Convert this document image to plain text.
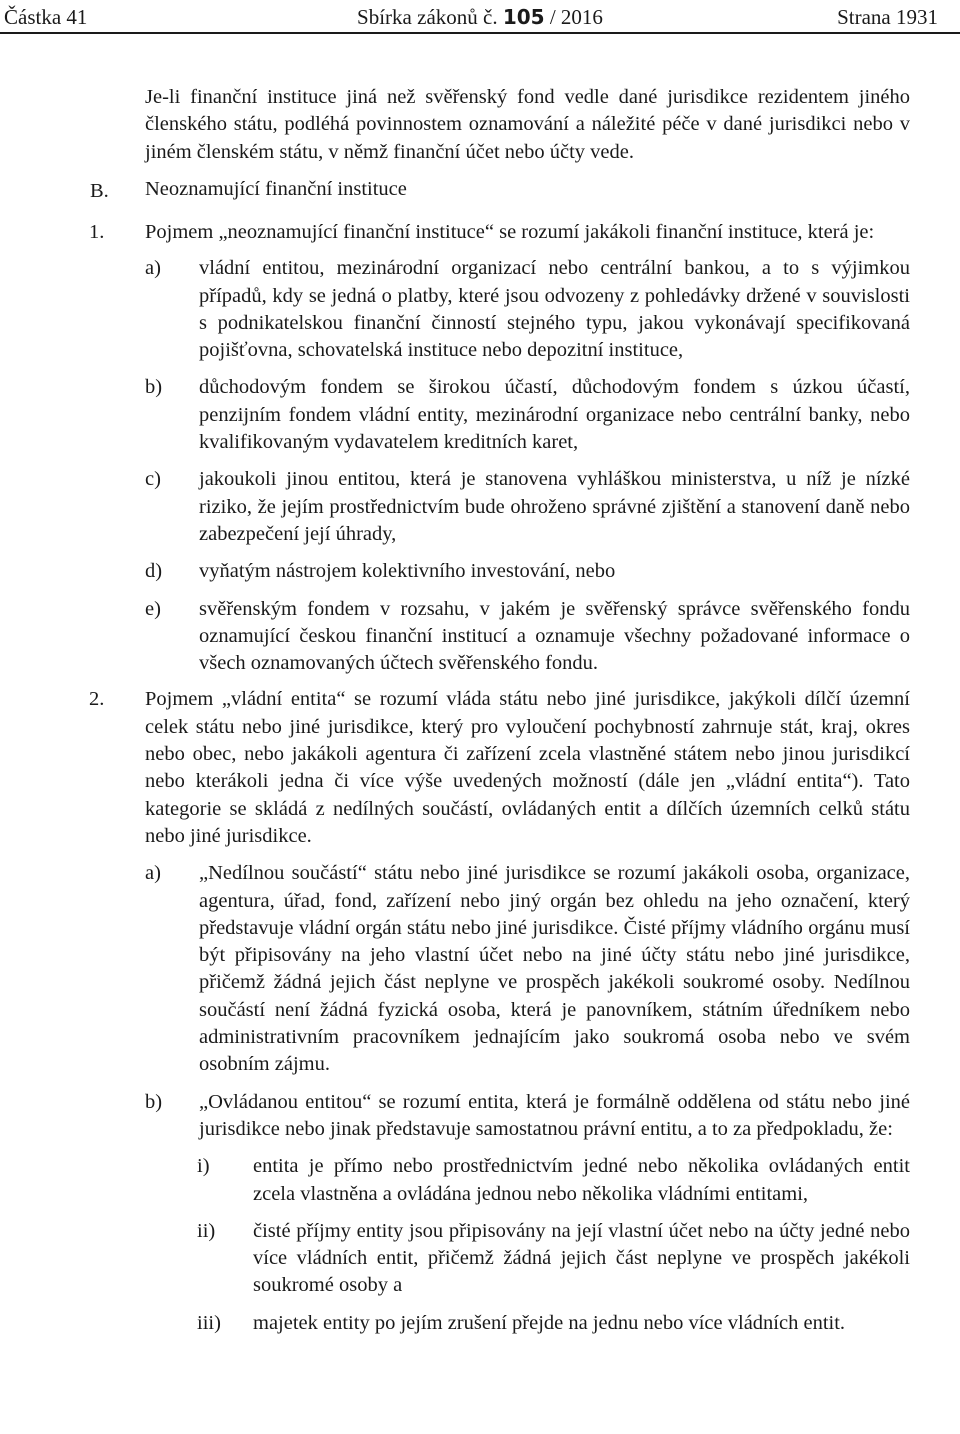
Částka 41	Sbírka zákonů č. 105 / 2016	Strana 1931
Je-li finanční instituce jiná než svěřenský fond vedle dané jurisdikce rezidentem jiného členského státu, podléhá povinnostem oznamování a náležité péče v dané jurisdikci nebo v jiném členském státu, v němž finanční účet nebo účty vede.
B.
1. Pojmem „neoznamující finanční instituce“ se rozumí jakákoli finanční instituce, která je:
a) vládní entitou, mezinárodní organizací nebo centrální bankou, a to s výjimkou případů, kdy se jedná o platby, které jsou odvozeny z pohledávky držené v souvislosti s podnikatelskou finanční činností stejného typu, jakou vykonávají specifikovaná pojišťovna, schovatelská instituce nebo depozitní instituce,
b) důchodovým fondem se širokou účastí, důchodovým fondem s úzkou účastí, penzijním fondem vládní entity, mezinárodní organizace nebo centrální banky, nebo kvalifikovaným vydavatelem kreditních karet,
c) jakoukoli jinou entitou, která je stanovena vyhláškou ministerstva, u níž je nízké riziko, že jejím prostřednictvím bude ohroženo správné zjištění a stanovení daně nebo zabezpečení její úhrady,
d) vyňatým nástrojem kolektivního investování, nebo
e) svěřenským fondem v rozsahu, v jakém je svěřenský správce svěřenského fondu oznamující českou finanční institucí a oznamuje všechny požadované informace o všech oznamovaných účtech svěřenského fondu.
2. Pojmem „vládní entita“ se rozumí vláda státu nebo jiné jurisdikce, jakýkoli dílčí územní celek státu nebo jiné jurisdikce, který pro vyloučení pochybností zahrnuje stát, kraj, okres nebo obec, nebo jakákoli agentura či zařízení zcela vlastněné státem nebo jinou jurisdikcí nebo kterákoli jedna či více výše uvedených možností (dále jen „vládní entita“). Tato kategorie se skládá z nedílných součástí, ovládaných entit a dílčích územních celků státu nebo jiné jurisdikce.
a) „Nedílnou součástí“ státu nebo jiné jurisdikce se rozumí jakákoli osoba, organizace, agentura, úřad, fond, zařízení nebo jiný orgán bez ohledu na jeho označení, který představuje vládní orgán státu nebo jiné jurisdikce. Čisté příjmy vládního orgánu musí být připisovány na jeho vlastní účet nebo na jiné účty státu nebo jiné jurisdikce, přičemž žádná jejich část neplyne ve prospěch jakékoli soukromé osoby. Nedílnou součástí není žádná fyzická osoba, která je panovníkem, státním úředníkem nebo administrativním pracovníkem jednajícím jako soukromá osoba nebo ve svém osobním zájmu.
b) „Ovládanou entitou“ se rozumí entita, která je formálně oddělena od státu nebo jiné jurisdikce nebo jinak představuje samostatnou právní entitu, a to za předpokladu, že:
i) entita je přímo nebo prostřednictvím jedné nebo několika ovládaných entit zcela vlastněna a ovládána jednou nebo několika vládními entitami,
ii) čisté příjmy entity jsou připisovány na její vlastní účet nebo na účty jedné nebo více vládních entit, přičemž žádná jejich část neplyne ve prospěch jakékoli soukromé osoby a
iii) majetek entity po jejím zrušení přejde na jednu nebo více vládních entit.
Neoznamující finanční instituce
